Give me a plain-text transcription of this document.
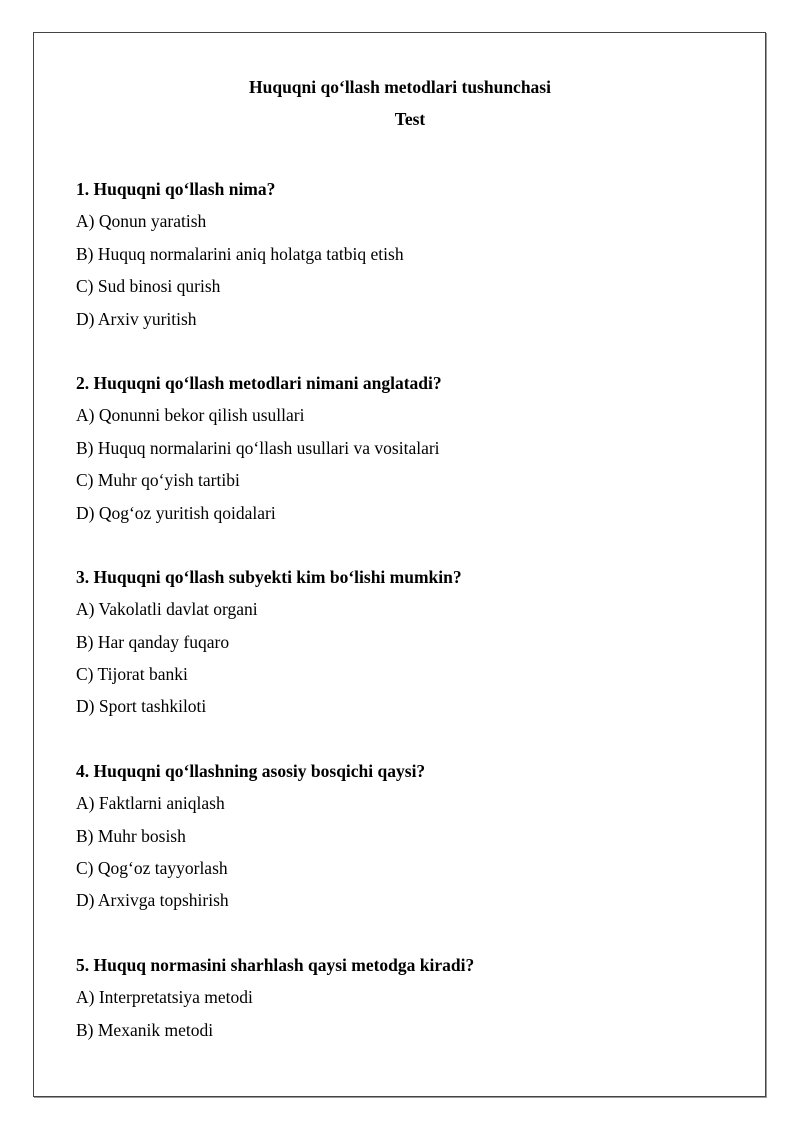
Huquqni qo‘llash metodlari tushunchasi
Test
1. Huquqni qo‘llash nima?
A) Qonun yaratish
B) Huquq normalarini aniq holatga tatbiq etish
C) Sud binosi qurish
D) Arxiv yuritish
2. Huquqni qo‘llash metodlari nimani anglatadi?
A) Qonunni bekor qilish usullari
B) Huquq normalarini qo‘llash usullari va vositalari
C) Muhr qo‘yish tartibi
D) Qog‘oz yuritish qoidalari
3. Huquqni qo‘llash subyekti kim bo‘lishi mumkin?
A) Vakolatli davlat organi
B) Har qanday fuqaro
C) Tijorat banki
D) Sport tashkiloti
4. Huquqni qo‘llashning asosiy bosqichi qaysi?
A) Faktlarni aniqlash
B) Muhr bosish
C) Qog‘oz tayyorlash
D) Arxivga topshirish
5. Huquq normasini sharhlash qaysi metodga kiradi?
A) Interpretatsiya metodi
B) Mexanik metodi
